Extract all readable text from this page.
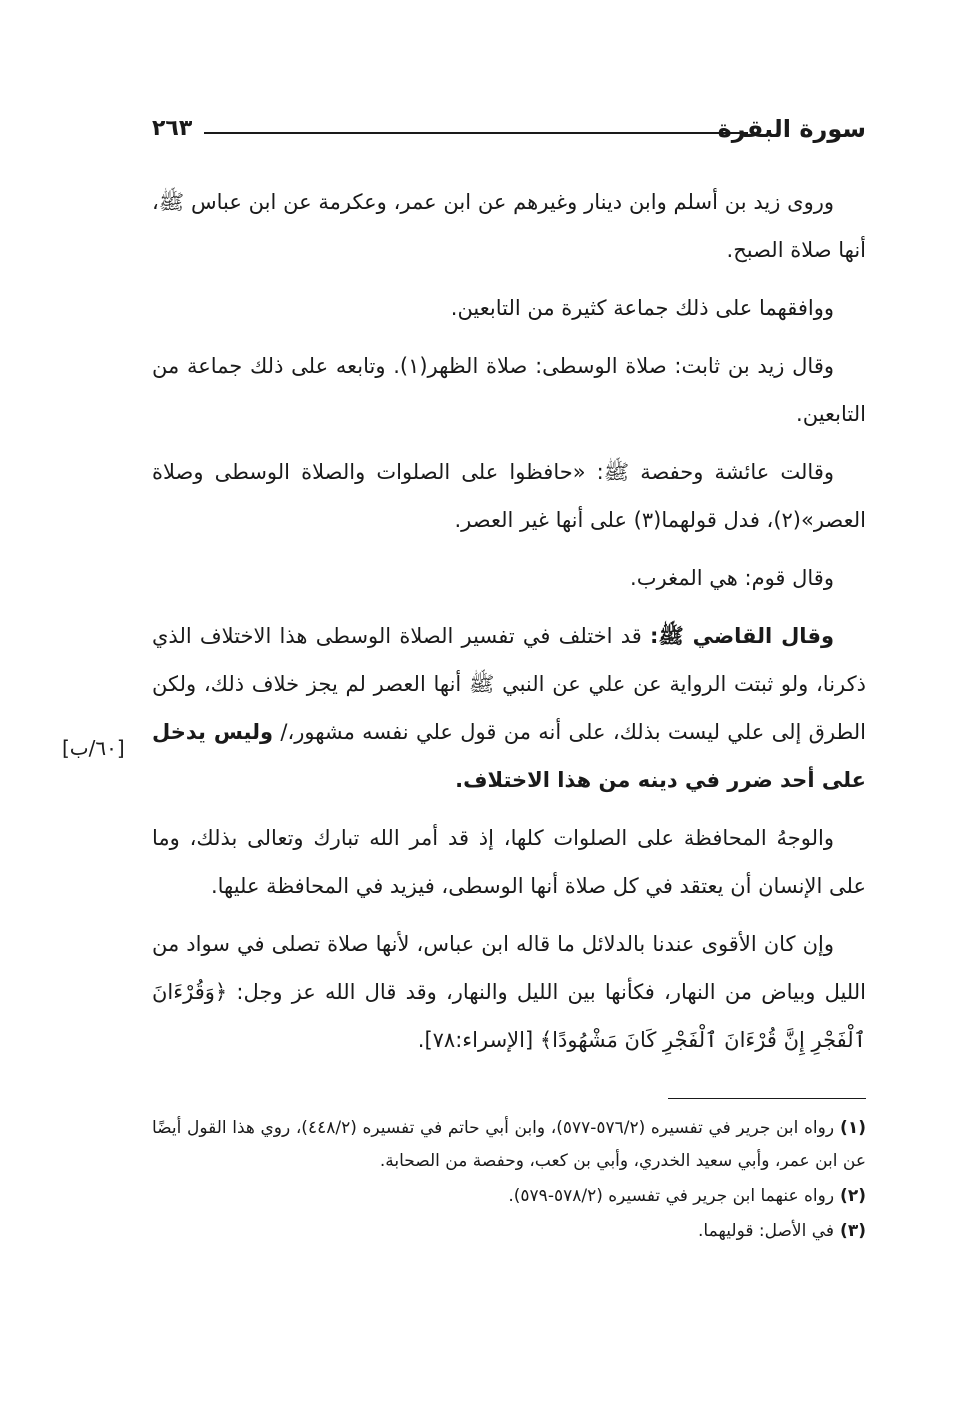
سورة البقرة
٢٦٣
[٦٠/ب]

وروى زيد بن أسلم وابن دينار وغيرهم عن ابن عمر، وعكرمة عن ابن عباس ﷺ، أنها صلاة الصبح.

ووافقهما على ذلك جماعة كثيرة من التابعين.

وقال زيد بن ثابت: صلاة الوسطى: صلاة الظهر(١). وتابعه على ذلك جماعة من التابعين.

وقالت عائشة وحفصة ﷺ: «حافظوا على الصلوات والصلاة الوسطى وصلاة العصر»(٢)، فدل قولهما(٣) على أنها غير العصر.

وقال قوم: هي المغرب.

وقال القاضي ﷺ: قد اختلف في تفسير الصلاة الوسطى هذا الاختلاف الذي ذكرنا، ولو ثبتت الرواية عن علي عن النبي ﷺ أنها العصر لم يجز خلاف ذلك، ولكن الطرق إلى علي ليست بذلك، على أنه من قول علي نفسه مشهور،/ وليس يدخل على أحد ضرر في دينه من هذا الاختلاف.

والوجهُ المحافظة على الصلوات كلها، إذ قد أمر الله تبارك وتعالى بذلك، وما على الإنسان أن يعتقد في كل صلاة أنها الوسطى، فيزيد في المحافظة عليها.

وإن كان الأقوى عندنا بالدلائل ما قاله ابن عباس، لأنها صلاة تصلى في سواد من الليل وبياض من النهار، فكأنها بين الليل والنهار، وقد قال الله عز وجل: ﴿وَقُرْءَانَ ٱلْفَجْرِ إِنَّ قُرْءَانَ ٱلْفَجْرِ كَانَ مَشْهُودًا﴾ [الإسراء:٧٨].

(١)رواه ابن جرير في تفسيره (٥٧٦/٢-٥٧٧)، وابن أبي حاتم في تفسيره (٤٤٨/٢)، روي هذا القول أيضًا عن ابن عمر، وأبي سعيد الخدري، وأبي بن كعب، وحفصة من الصحابة.

(٢)رواه عنهما ابن جرير في تفسيره (٥٧٨/٢-٥٧٩).

(٣)في الأصل: قوليهما.
